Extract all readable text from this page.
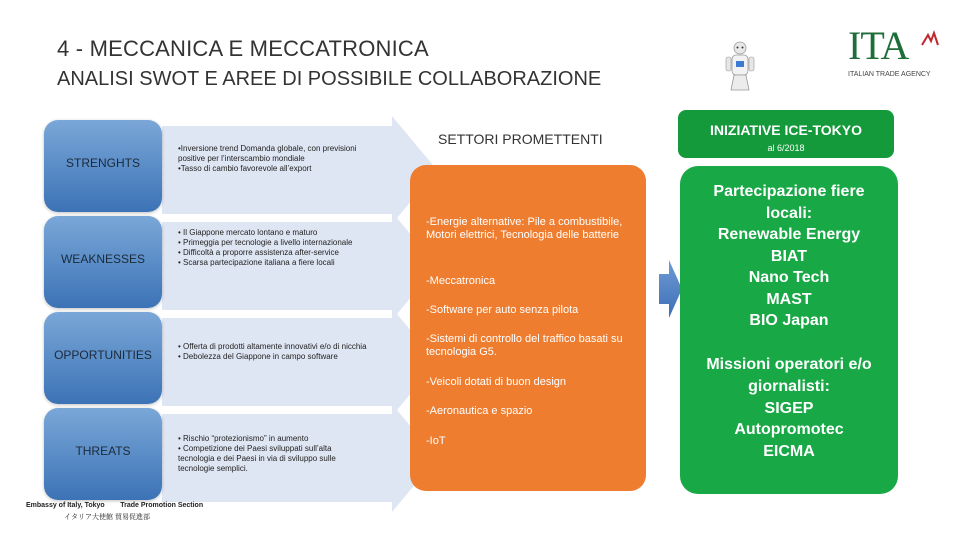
4 - MECCANICA E MECCATRONICA
ANALISI SWOT E AREE DI POSSIBILE COLLABORAZIONE
ITA
ITALIAN TRADE AGENCY
STRENGHTS
•Inversione trend Domanda globale, con previsioni positive per l’interscambio mondiale
•Tasso di cambio favorevole all’export
WEAKNESSES
• Il Giappone mercato lontano e maturo
• Primeggia per tecnologie a livello internazionale
• Difficoltà a proporre assistenza after-service
• Scarsa partecipazione italiana a fiere locali
OPPORTUNITIES
• Offerta di prodotti altamente innovativi e/o di nicchia
• Debolezza del Giappone in campo software
THREATS
• Rischio “protezionismo” in aumento
• Competizione dei Paesi sviluppati sull’alta tecnologia e dei Paesi in via di sviluppo sulle tecnologie semplici.
SETTORI PROMETTENTI
-Energie alternative: Pile a combustibile, Motori elettrici, Tecnologia delle batterie
-Meccatronica
-Software per auto senza pilota
-Sistemi di controllo del traffico basati su tecnologia G5.
-Veicoli dotati di buon design
-Aeronautica e spazio
-IoT
INIZIATIVE ICE-TOKYO
al 6/2018
Partecipazione fiere locali:
Renewable Energy
BIAT
Nano Tech
MAST
BIO Japan
Missioni operatori e/o giornalisti:
SIGEP
Autopromotec
EICMA
Embassy of Italy, Tokyo        Trade Promotion Section
イタリア大使館 貿易促進部
